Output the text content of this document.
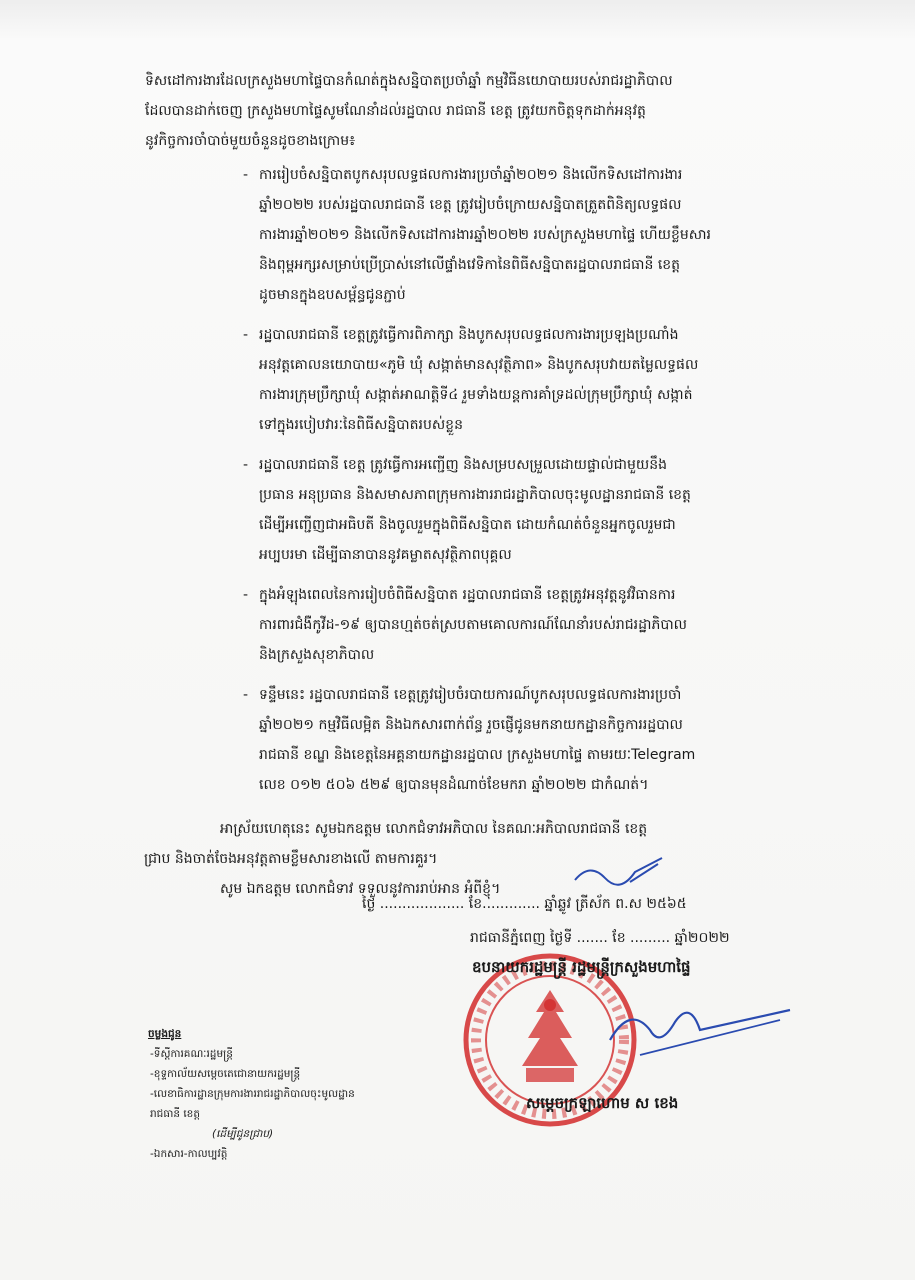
ទិសដៅការងារដែលក្រសួងមហាផ្ទៃបានកំណត់ក្នុងសន្និបាតប្រចាំឆ្នាំ កម្មវិធីនយោបាយរបស់រាជរដ្ឋាភិបាល

ដែលបានដាក់ចេញ ក្រសួងមហាផ្ទៃសូមណែនាំដល់រដ្ឋបាល រាជធានី ខេត្ត ត្រូវយកចិត្តទុកដាក់អនុវត្ត

នូវកិច្ចការចាំបាច់មួយចំនួនដូចខាងក្រោម៖

- ការរៀបចំសន្និបាតបូកសរុបលទ្ធផលការងារប្រចាំឆ្នាំ២០២១ និងលើកទិសដៅការងារ
ឆ្នាំ២០២២ របស់រដ្ឋបាលរាជធានី ខេត្ត ត្រូវរៀបចំក្រោយសន្និបាតត្រួតពិនិត្យលទ្ធផល
ការងារឆ្នាំ២០២១ និងលើកទិសដៅការងារឆ្នាំ២០២២ របស់ក្រសួងមហាផ្ទៃ ហើយខ្លឹមសារ
និងពុម្ពអក្សរសម្រាប់ប្រើប្រាស់នៅលើផ្ទាំងវេទិកានៃពិធីសន្និបាតរដ្ឋបាលរាជធានី ខេត្ត
ដូចមានក្នុងឧបសម្ព័ន្ធជូនភ្ជាប់
- រដ្ឋបាលរាជធានី ខេត្តត្រូវធ្វើការពិភាក្សា និងបូកសរុបលទ្ធផលការងារប្រឡងប្រណាំង
អនុវត្តគោលនយោបាយ«ភូមិ ឃុំ សង្កាត់មានសុវត្ថិភាព» និងបូកសរុបវាយតម្លៃលទ្ធផល
ការងារក្រុមប្រឹក្សាឃុំ សង្កាត់អាណត្តិទី៤ រួមទាំងយន្តការគាំទ្រដល់ក្រុមប្រឹក្សាឃុំ សង្កាត់
ទៅក្នុងរបៀបវារៈនៃពិធីសន្និបាតរបស់ខ្លួន
- រដ្ឋបាលរាជធានី ខេត្ត ត្រូវធ្វើការអញ្ជើញ និងសម្របសម្រួលដោយផ្ទាល់ជាមួយនឹង
ប្រធាន អនុប្រធាន និងសមាសភាពក្រុមការងាររាជរដ្ឋាភិបាលចុះមូលដ្ឋានរាជធានី ខេត្ត
ដើម្បីអញ្ជើញជាអធិបតី និងចូលរួមក្នុងពិធីសន្និបាត ដោយកំណត់ចំនួនអ្នកចូលរួមជា
អប្បបរមា ដើម្បីធានាបាននូវគម្លាតសុវត្ថិភាពបុគ្គល
- ក្នុងអំឡុងពេលនៃការរៀបចំពិធីសន្និបាត រដ្ឋបាលរាជធានី ខេត្តត្រូវអនុវត្តនូវវិធានការ
ការពារជំងឺកូវីដ-១៩ ឲ្យបានហ្មត់ចត់ស្របតាមគោលការណ៍ណែនាំរបស់រាជរដ្ឋាភិបាល
និងក្រសួងសុខាភិបាល
- ទន្ទឹមនេះ រដ្ឋបាលរាជធានី ខេត្តត្រូវរៀបចំរបាយការណ៍បូកសរុបលទ្ធផលការងារប្រចាំ
ឆ្នាំ២០២១ កម្មវិធីលម្អិត និងឯកសារពាក់ព័ន្ធ រួចផ្ញើជូនមកនាយកដ្ឋានកិច្ចការរដ្ឋបាល
រាជធានី ខណ្ឌ និងខេត្តនៃអគ្គនាយកដ្ឋានរដ្ឋបាល ក្រសួងមហាផ្ទៃ តាមរយៈTelegram
លេខ ០១២ ៥០៦ ៥២៩ ឲ្យបានមុនដំណាច់ខែមករា ឆ្នាំ២០២២ ជាកំណត់។
អាស្រ័យហេតុនេះ សូមឯកឧត្តម លោកជំទាវអភិបាល នៃគណៈអភិបាលរាជធានី ខេត្ត
ជ្រាប និងចាត់ចែងអនុវត្តតាមខ្លឹមសារខាងលើ តាមការគួរ។
សូម ឯកឧត្តម លោកជំទាវ ទទួលនូវការរាប់អាន អំពីខ្ញុំ។
ថ្ងៃ ................... ខែ............. ឆ្នាំឆ្លូវ ត្រីស័ក ព.ស ២៥៦៥
រាជធានីភ្នំពេញ ថ្ងៃទី ....... ខែ ......... ឆ្នាំ២០២២
ឧបនាយករដ្ឋមន្ត្រី រដ្ឋមន្ត្រីក្រសួងមហាផ្ទៃ
សម្តេចក្រឡាហោម ស ខេង
ចម្លងជូន
-ទីស្តីការគណៈរដ្ឋមន្ត្រី
-ខុទ្ទកាល័យសម្តេចតេជោនាយករដ្ឋមន្ត្រី
-លេខាធិការដ្ឋានក្រុមការងាររាជរដ្ឋាភិបាលចុះមូលដ្ឋាន
រាជធានី ខេត្ត
(ដើម្បីជូនជ្រាប)
-ឯកសារ-កាលប្បវត្តិ
